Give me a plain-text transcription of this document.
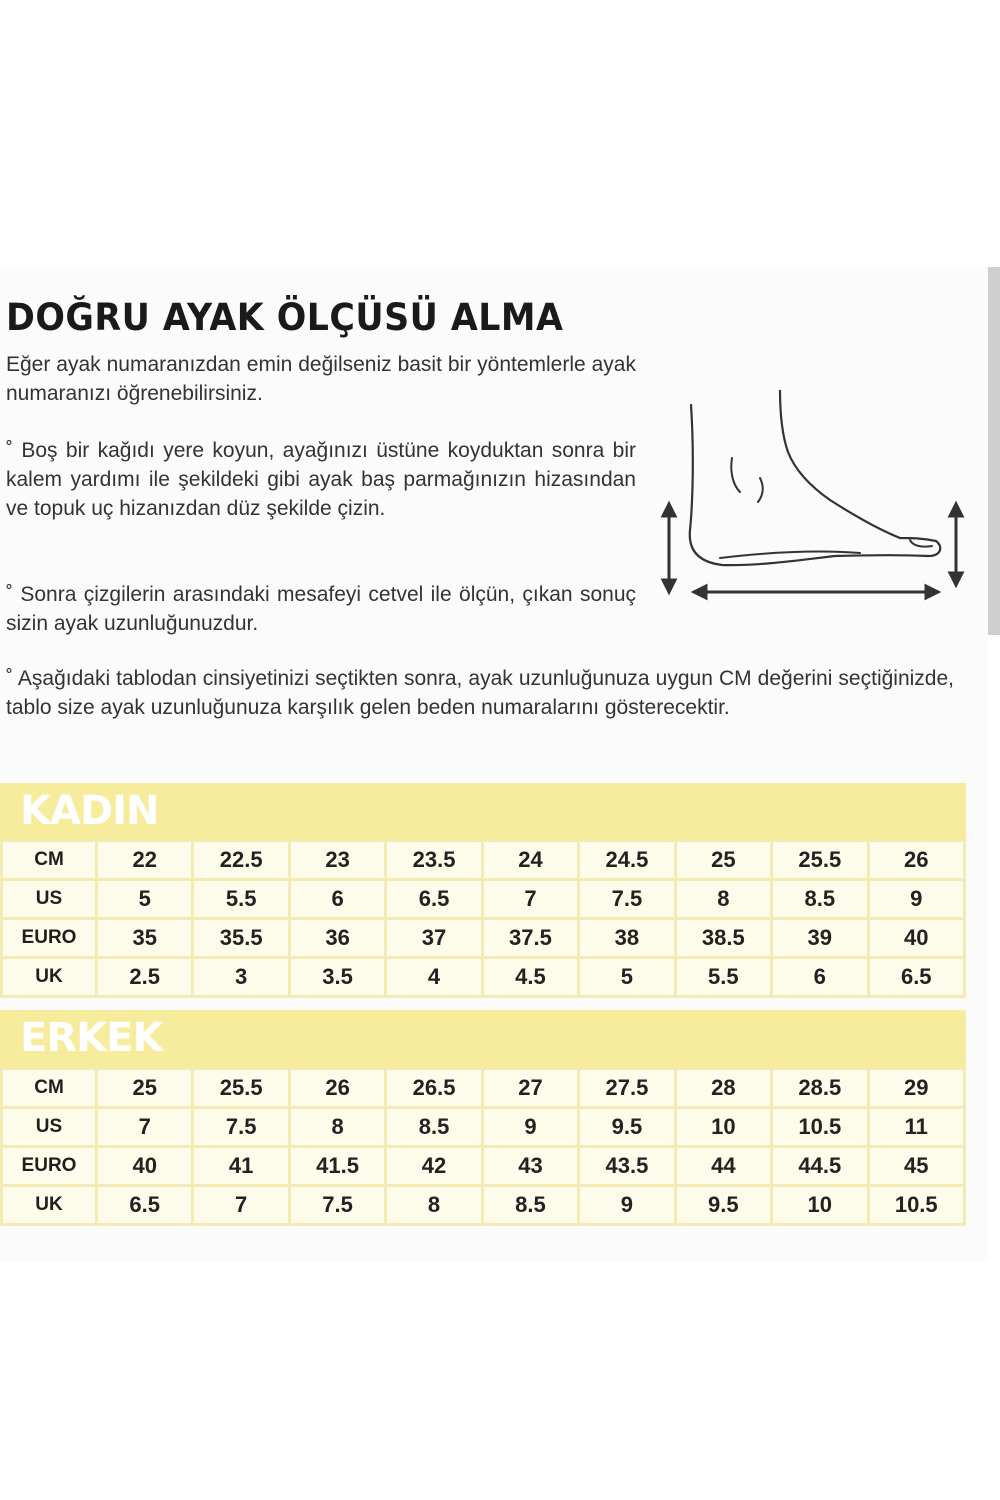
DOĞRU AYAK ÖLÇÜSÜ ALMA

Eğer ayak numaranızdan emin değilseniz basit bir yöntemlerle ayak numaranızı öğrenebilirsiniz.

˚ Boş bir kağıdı yere koyun, ayağınızı üstüne koyduktan sonra bir kalem yardımı ile şekildeki gibi ayak baş parmağınızın hizasından ve topuk uç hizanızdan düz şekilde çizin.

˚ Sonra çizgilerin arasındaki mesafeyi cetvel ile ölçün, çıkan sonuç sizin ayak uzunluğunuzdur.

˚ Aşağıdaki tablodan cinsiyetinizi seçtikten sonra, ayak uzunluğunuza uygun CM değerini seçtiğinizde, tablo size ayak uzunluğunuza karşılık gelen beden numaralarını gösterecektir.

KADIN
CM	22	22.5	23	23.5	24	24.5	25	25.5	26
US	5	5.5	6	6.5	7	7.5	8	8.5	9
EURO	35	35.5	36	37	37.5	38	38.5	39	40
UK	2.5	3	3.5	4	4.5	5	5.5	6	6.5
ERKEK
CM	25	25.5	26	26.5	27	27.5	28	28.5	29
US	7	7.5	8	8.5	9	9.5	10	10.5	11
EURO	40	41	41.5	42	43	43.5	44	44.5	45
UK	6.5	7	7.5	8	8.5	9	9.5	10	10.5
